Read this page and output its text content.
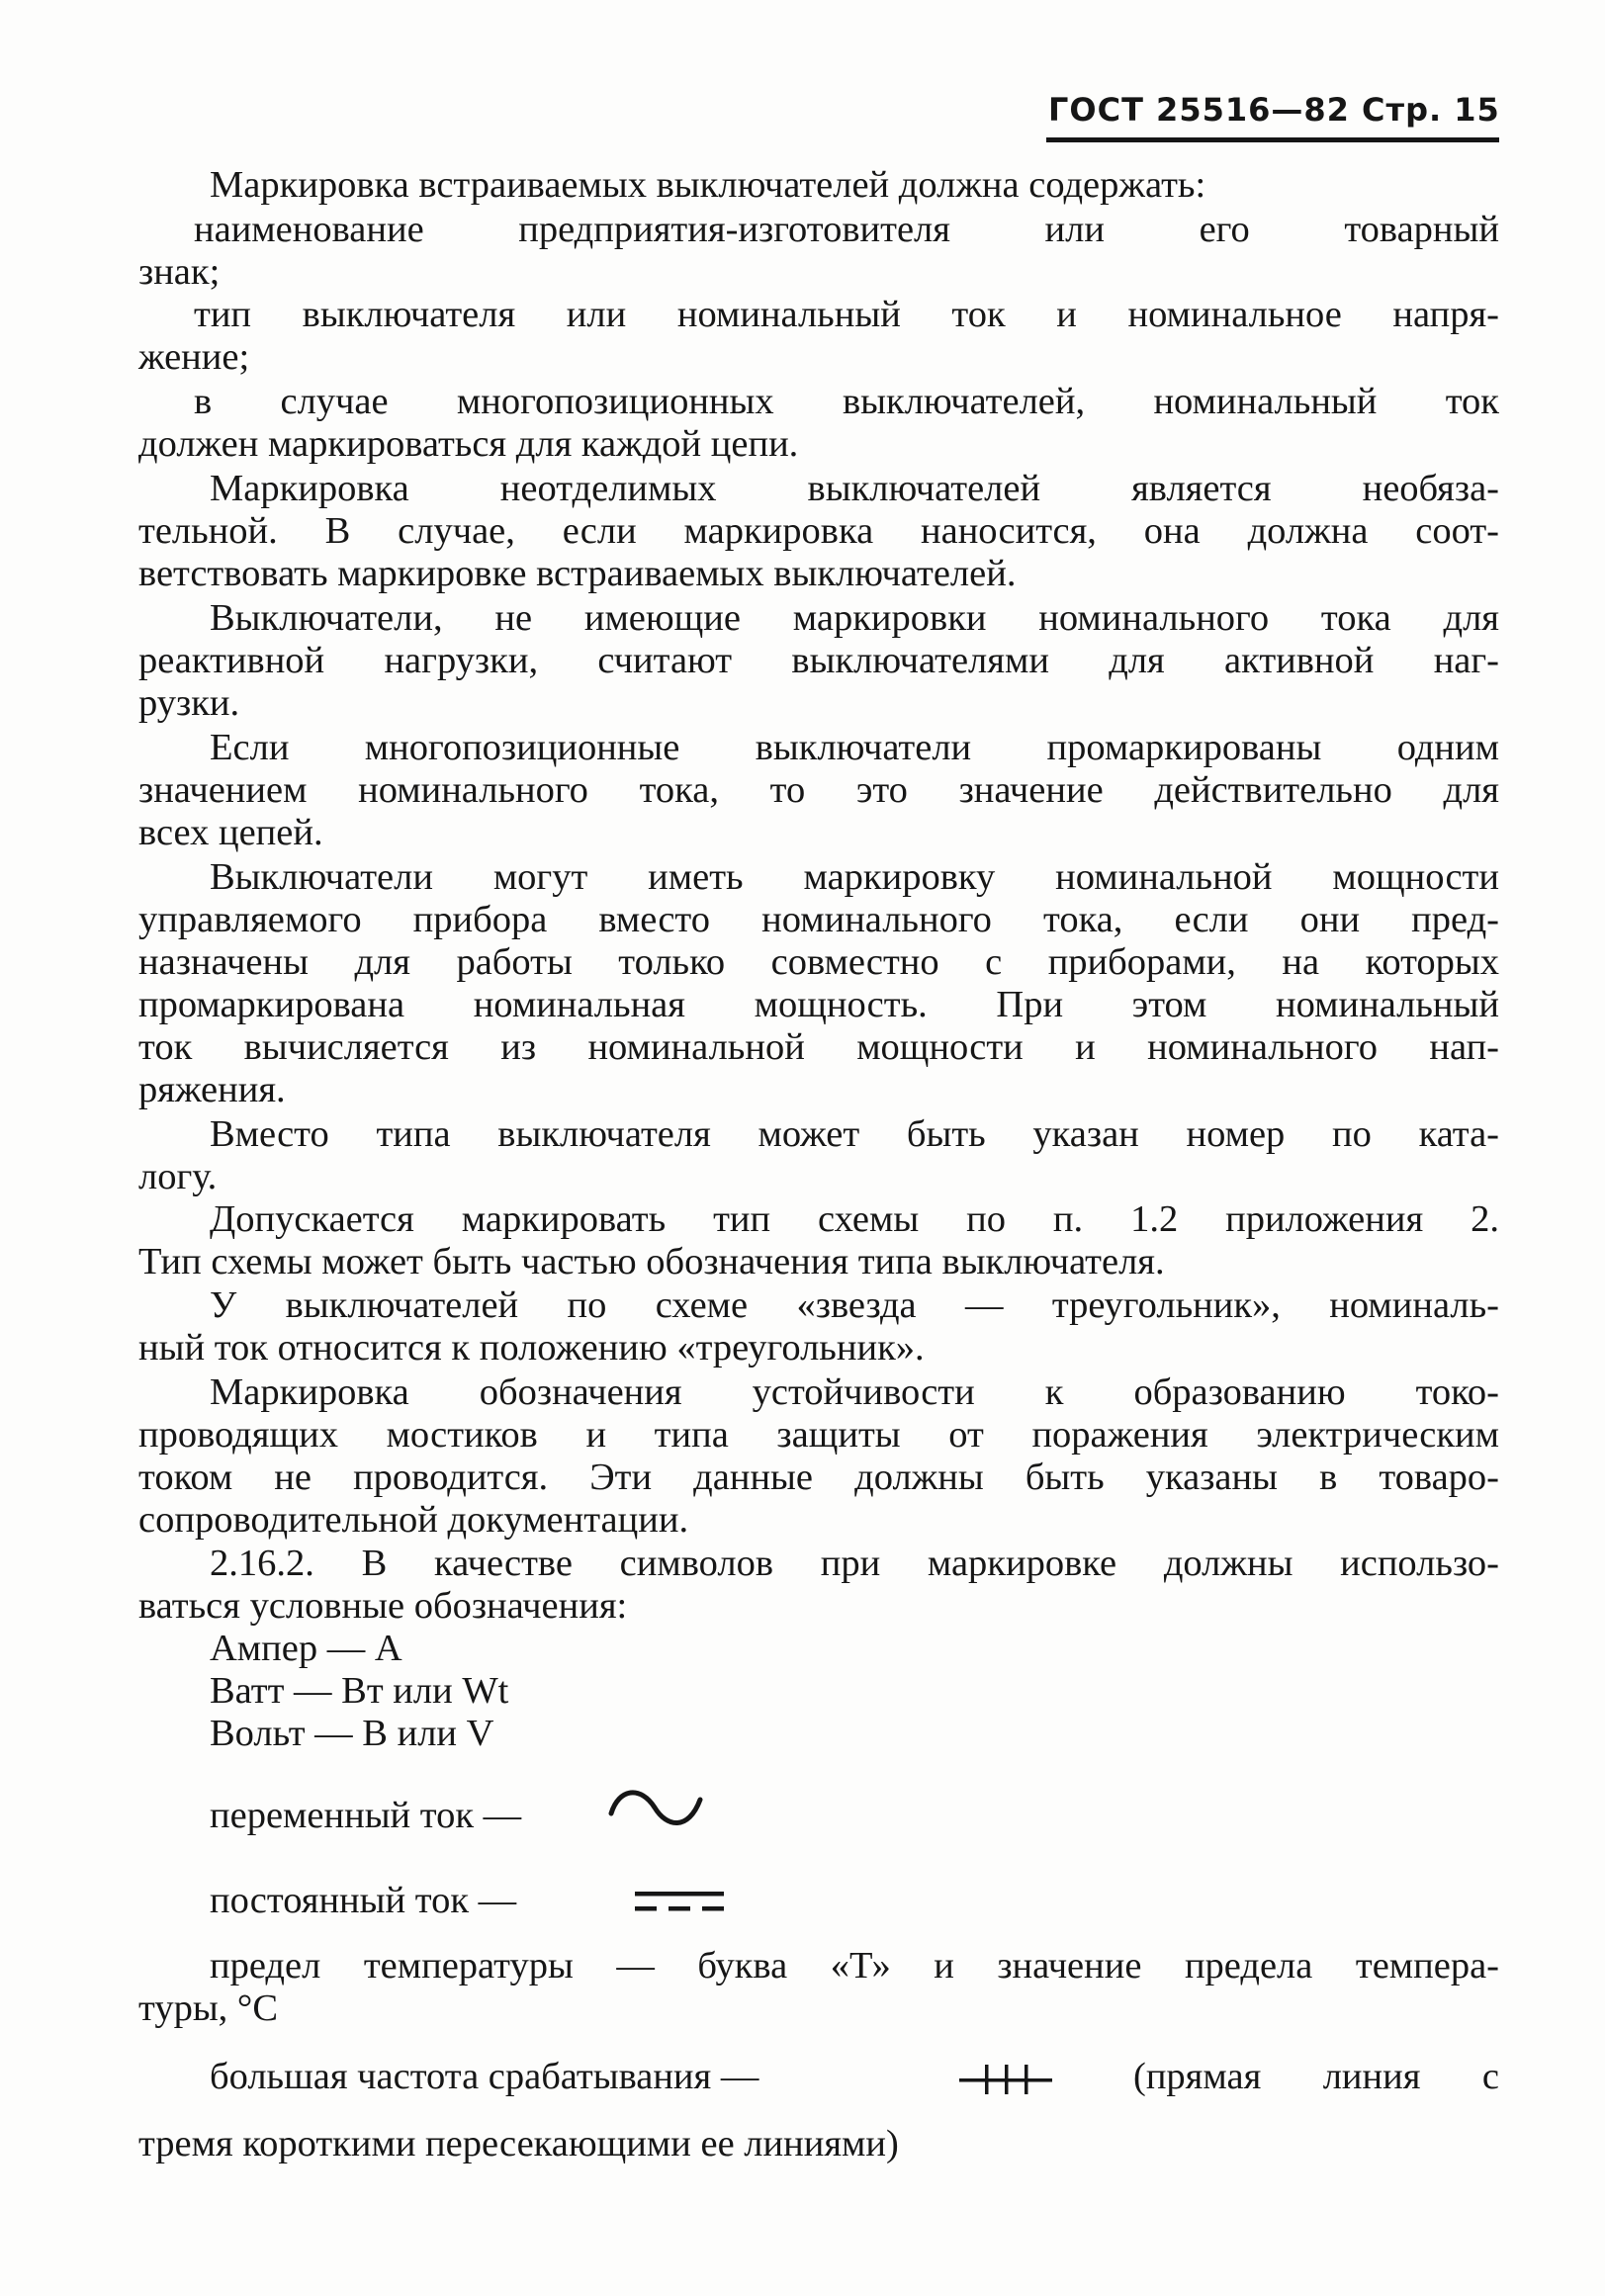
ГОСТ 25516—82 Стр. 15
Маркировка встраиваемых выключателей должна содержать:
наименование предприятия-изготовителя или его товарный
знак;
тип выключателя или номинальный ток и номинальное напря-
жение;
в случае многопозиционных выключателей, номинальный ток
должен маркироваться для каждой цепи.
Маркировка неотделимых выключателей является необяза-
тельной. В случае, если маркировка наносится, она должна соот-
ветствовать маркировке встраиваемых выключателей.
Выключатели, не имеющие маркировки номинального тока для
реактивной нагрузки, считают выключателями для активной наг-
рузки.
Если многопозиционные выключатели промаркированы одним
значением номинального тока, то это значение действительно для
всех цепей.
Выключатели могут иметь маркировку номинальной мощности
управляемого прибора вместо номинального тока, если они пред-
назначены для работы только совместно с приборами, на которых
промаркирована номинальная мощность. При этом номинальный
ток вычисляется из номинальной мощности и номинального нап-
ряжения.
Вместо типа выключателя может быть указан номер по ката-
логу.
Допускается маркировать тип схемы по п. 1.2 приложения 2.
Тип схемы может быть частью обозначения типа выключателя.
У выключателей по схеме «звезда — треугольник», номиналь-
ный ток относится к положению «треугольник».
Маркировка обозначения устойчивости к образованию токо-
проводящих мостиков и типа защиты от поражения электрическим
током не проводится. Эти данные должны быть указаны в товаро-
сопроводительной документации.
2.16.2. В качестве символов при маркировке должны использо-
ваться условные обозначения:
Ампер — А
Ватт — Вт или Wt
Вольт — В или V
переменный ток —
постоянный ток —
предел температуры — буква «Т» и значение предела темпера-
туры, °С
большая частота срабатывания —	(прямая линия с
тремя короткими пересекающими ее линиями)
